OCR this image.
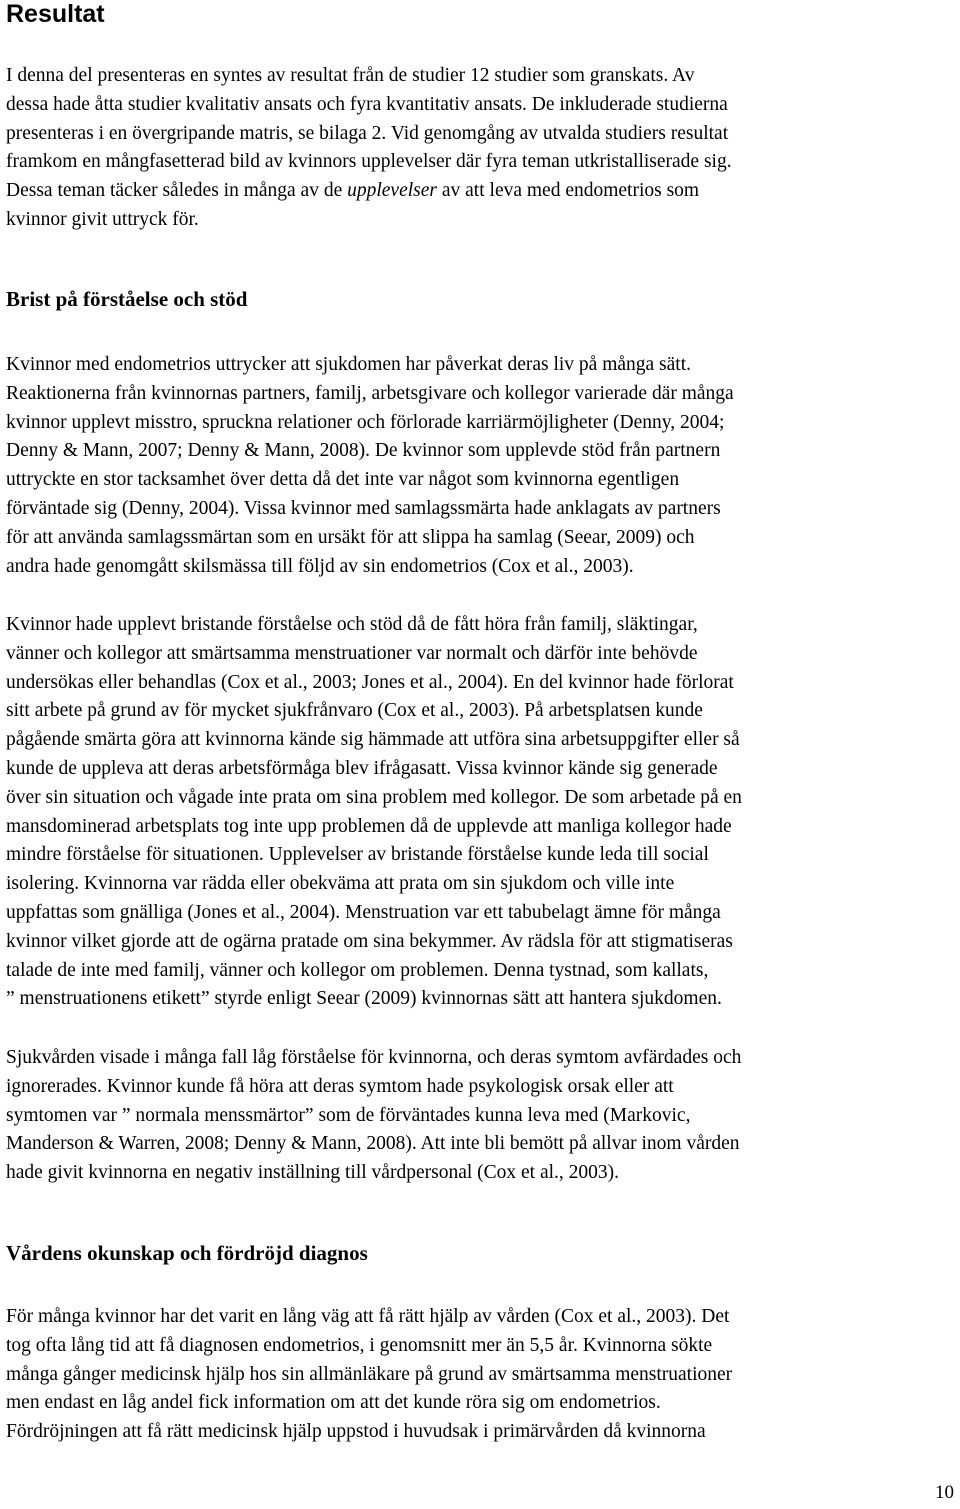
Resultat

I denna del presenteras en syntes av resultat från de studier 12 studier som granskats. Av
dessa hade åtta studier kvalitativ ansats och fyra kvantitativ ansats. De inkluderade studierna
presenteras i en övergripande matris, se bilaga 2. Vid genomgång av utvalda studiers resultat
framkom en mångfasetterad bild av kvinnors upplevelser där fyra teman utkristalliserade sig.
Dessa teman täcker således in många av de upplevelser av att leva med endometrios som
kvinnor givit uttryck för.

Brist på förståelse och stöd

Kvinnor med endometrios uttrycker att sjukdomen har påverkat deras liv på många sätt.
Reaktionerna från kvinnornas partners, familj, arbetsgivare och kollegor varierade där många
kvinnor upplevt misstro, spruckna relationer och förlorade karriärmöjligheter (Denny, 2004;
Denny & Mann, 2007; Denny & Mann, 2008). De kvinnor som upplevde stöd från partnern
uttryckte en stor tacksamhet över detta då det inte var något som kvinnorna egentligen
förväntade sig (Denny, 2004). Vissa kvinnor med samlagssmärta hade anklagats av partners
för att använda samlagssmärtan som en ursäkt för att slippa ha samlag (Seear, 2009) och
andra hade genomgått skilsmässa till följd av sin endometrios (Cox et al., 2003).

Kvinnor hade upplevt bristande förståelse och stöd då de fått höra från familj, släktingar,
vänner och kollegor att smärtsamma menstruationer var normalt och därför inte behövde
undersökas eller behandlas (Cox et al., 2003; Jones et al., 2004). En del kvinnor hade förlorat
sitt arbete på grund av för mycket sjukfrånvaro (Cox et al., 2003). På arbetsplatsen kunde
pågående smärta göra att kvinnorna kände sig hämmade att utföra sina arbetsuppgifter eller så
kunde de uppleva att deras arbetsförmåga blev ifrågasatt. Vissa kvinnor kände sig generade
över sin situation och vågade inte prata om sina problem med kollegor. De som arbetade på en
mansdominerad arbetsplats tog inte upp problemen då de upplevde att manliga kollegor hade
mindre förståelse för situationen. Upplevelser av bristande förståelse kunde leda till social
isolering. Kvinnorna var rädda eller obekväma att prata om sin sjukdom och ville inte
uppfattas som gnälliga (Jones et al., 2004). Menstruation var ett tabubelagt ämne för många
kvinnor vilket gjorde att de ogärna pratade om sina bekymmer. Av rädsla för att stigmatiseras
talade de inte med familj, vänner och kollegor om problemen. Denna tystnad, som kallats,
” menstruationens etikett” styrde enligt Seear (2009) kvinnornas sätt att hantera sjukdomen.

Sjukvården visade i många fall låg förståelse för kvinnorna, och deras symtom avfärdades och
ignorerades. Kvinnor kunde få höra att deras symtom hade psykologisk orsak eller att
symtomen var ” normala menssmärtor” som de förväntades kunna leva med (Markovic,
Manderson & Warren, 2008; Denny & Mann, 2008). Att inte bli bemött på allvar inom vården
hade givit kvinnorna en negativ inställning till vårdpersonal (Cox et al., 2003).

Vårdens okunskap och fördröjd diagnos

För många kvinnor har det varit en lång väg att få rätt hjälp av vården (Cox et al., 2003). Det
tog ofta lång tid att få diagnosen endometrios, i genomsnitt mer än 5,5 år. Kvinnorna sökte
många gånger medicinsk hjälp hos sin allmänläkare på grund av smärtsamma menstruationer
men endast en låg andel fick information om att det kunde röra sig om endometrios.
Fördröjningen att få rätt medicinsk hjälp uppstod i huvudsak i primärvården då kvinnorna

10
